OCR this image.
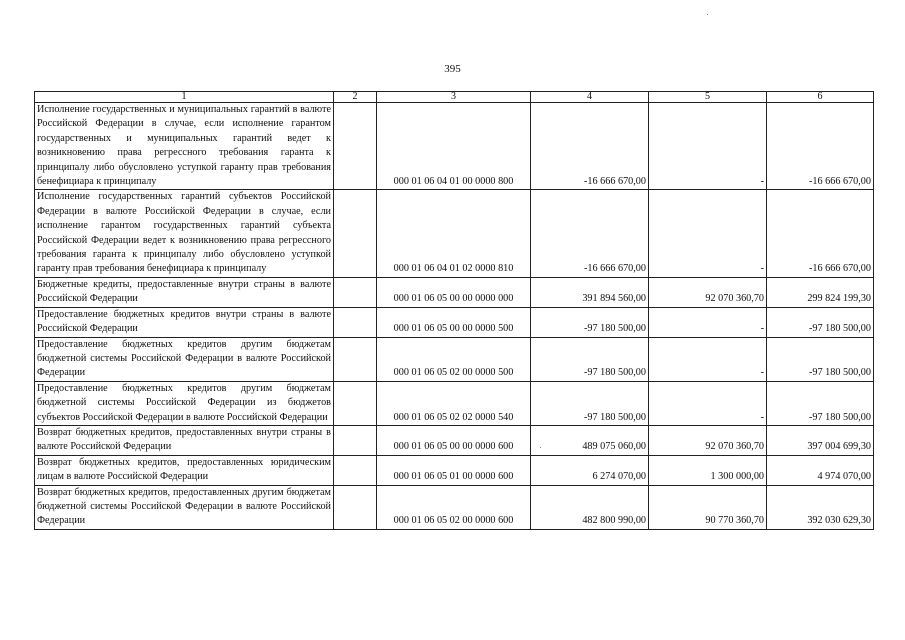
395
1	2	3	4	5	6
Исполнение государственных и муниципальных гарантий в валюте Российской Федерации в случае, если исполнение гарантом государственных и муниципальных гарантий ведет к возникновению права регрессного требования гаранта к принципалу либо обусловлено уступкой гаранту прав требования бенефициара к принципалу		000 01 06 04 01 00 0000 800	-16 666 670,00	-	-16 666 670,00
Исполнение государственных гарантий субъектов Российской Федерации в валюте Российской Федерации в случае, если исполнение гарантом государственных гарантий субъекта Российской Федерации ведет к возникновению права регрессного требования гаранта к принципалу либо обусловлено уступкой гаранту прав требования бенефициара к принципалу		000 01 06 04 01 02 0000 810	-16 666 670,00	-	-16 666 670,00
Бюджетные кредиты, предоставленные внутри страны в валюте Российской Федерации		000 01 06 05 00 00 0000 000	391 894 560,00	92 070 360,70	299 824 199,30
Предоставление бюджетных кредитов внутри страны в валюте Российской Федерации		000 01 06 05 00 00 0000 500	-97 180 500,00	-	-97 180 500,00
Предоставление бюджетных кредитов другим бюджетам бюджетной системы Российской Федерации в валюте Российской Федерации		000 01 06 05 02 00 0000 500	-97 180 500,00	-	-97 180 500,00
Предоставление бюджетных кредитов другим бюджетам бюджетной системы Российской Федерации из бюджетов субъектов Российской Федерации в валюте Российской Федерации		000 01 06 05 02 02 0000 540	-97 180 500,00	-	-97 180 500,00
Возврат бюджетных кредитов, предоставленных внутри страны в валюте Российской Федерации		000 01 06 05 00 00 0000 600	489 075 060,00	92 070 360,70	397 004 699,30
Возврат бюджетных кредитов, предоставленных юридическим лицам в валюте Российской Федерации		000 01 06 05 01 00 0000 600	6 274 070,00	1 300 000,00	4 974 070,00
Возврат бюджетных кредитов, предоставленных другим бюджетам бюджетной системы Российской Федерации в валюте Российской Федерации		000 01 06 05 02 00 0000 600	482 800 990,00	90 770 360,70	392 030 629,30
